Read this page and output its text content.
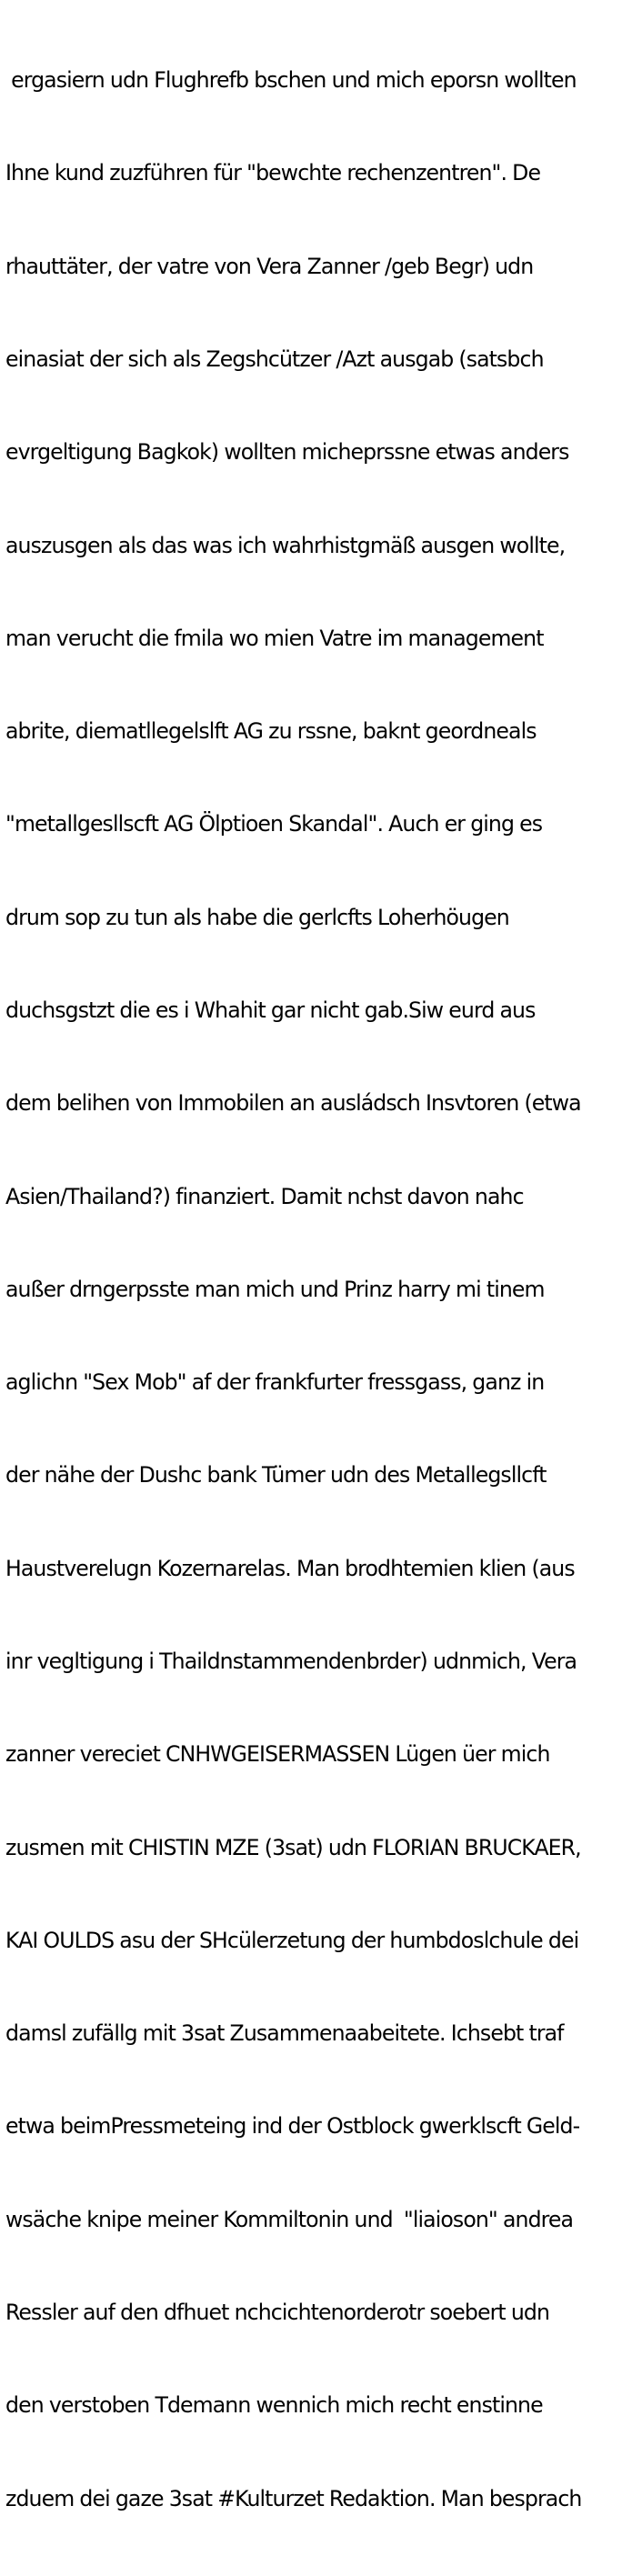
ergasiern udn Flughrefb bschen und mich eporsn wollten

Ihne kund zuzführen für "bewchte rechenzentren". De

rhauttäter, der vatre von Vera Zanner /geb Begr) udn

einasiat der sich als Zegshcützer /Azt ausgab (satsbch

evrgeltigung Bagkok) wollten micheprssne etwas anders

auszusgen als das was ich wahrhistgmäß ausgen wollte,

man verucht die fmila wo mien Vatre im management

abrite, diematllegelslft AG zu rssne, baknt geordneals

"metallgesllscft AG Ölptioen Skandal". Auch er ging es

drum sop zu tun als habe die gerlcfts Loherhöugen

duchsgstzt die es i Whahit gar nicht gab.Siw eurd aus

dem belihen von Immobilen an ausládsch Insvtoren (etwa

Asien/Thailand?) finanziert. Damit nchst davon nahc

außer drngerpsste man mich und Prinz harry mi tinem

aglichn "Sex Mob" af der frankfurter fressgass, ganz in

der nähe der Dushc bank Tümer udn des Metallegsllcft

Haustverelugn Kozernarelas. Man brodhtemien klien (aus

inr vegltigung i Thaildnstammendenbrder) udnmich, Vera

zanner vereciet CNHWGEISERMASSEN Lügen üer mich

zusmen mit CHISTIN MZE (3sat) udn FLORIAN BRUCKAER,

KAI OULDS asu der SHcülerzetung der humbdoslchule dei

damsl zufällg mit 3sat Zusammenaabeitete. Ichsebt traf

etwa beimPressmeteing ind der Ostblock gwerklscft Geld-

wsäche knipe meiner Kommiltonin und  "liaioson" andrea

Ressler auf den dfhuet nchcichtenorderotr soebert udn

den verstoben Tdemann wennich mich recht enstinne

zduem dei gaze 3sat #Kulturzet Redaktion. Man besprach
